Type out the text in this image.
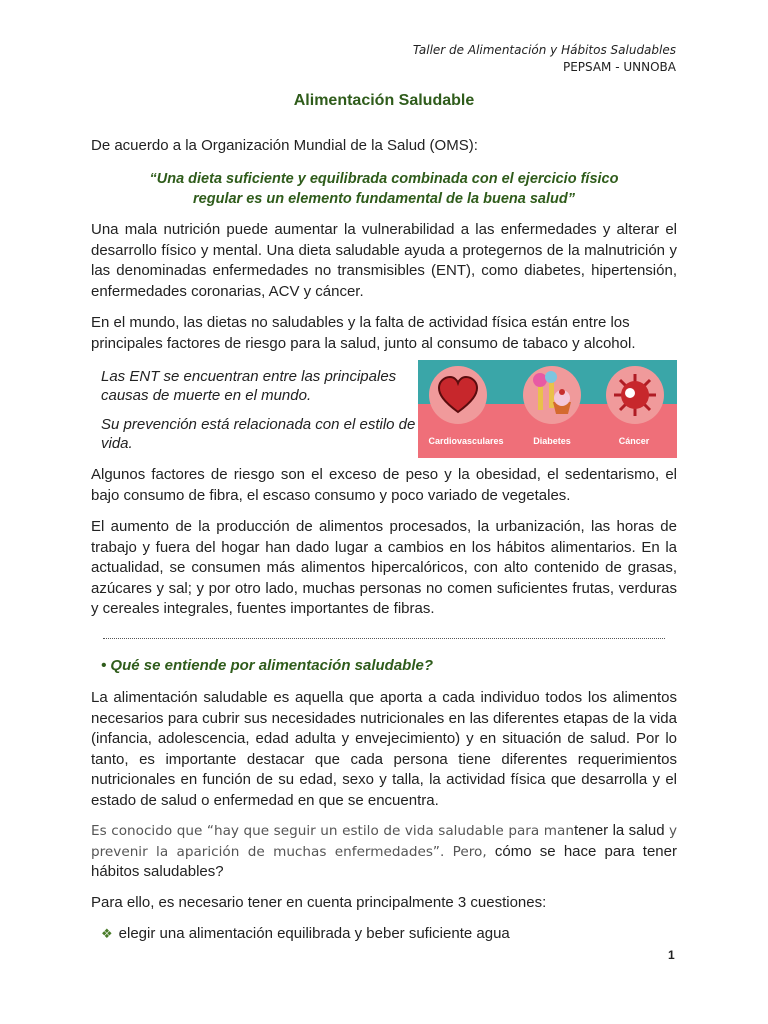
Taller de Alimentación y Hábitos Saludables
PEPSAM - UNNOBA
Alimentación Saludable
De acuerdo a la Organización Mundial de la Salud (OMS):
“Una dieta suficiente y equilibrada combinada con el ejercicio físico
regular es un elemento fundamental de la buena salud”
Una mala nutrición puede aumentar la vulnerabilidad a las enfermedades y alterar el desarrollo físico y mental. Una dieta saludable ayuda a protegernos de la malnutrición y las denominadas enfermedades no transmisibles (ENT), como diabetes, hipertensión, enfermedades coronarias, ACV y cáncer.
En el mundo, las dietas no saludables y la falta de actividad física están entre los principales factores de riesgo para la salud, junto al consumo de tabaco y alcohol.

Las ENT se encuentran entre las principales causas de muerte en el mundo.

Su prevención está relacionada con el estilo de vida.	Cardiovasculares	Diabetes	Cáncer
Algunos factores de riesgo son el exceso de peso y la obesidad, el sedentarismo, el bajo consumo de fibra, el escaso consumo y poco variado de vegetales.
El aumento de la producción de alimentos procesados, la urbanización, las horas de trabajo y fuera del hogar han dado lugar a cambios en los hábitos alimentarios. En la actualidad, se consumen más alimentos hipercalóricos, con alto contenido de grasas, azúcares y sal; y por otro lado, muchas personas no comen suficientes frutas, verduras y cereales integrales, fuentes importantes de fibras.
• Qué se entiende por alimentación saludable?
La alimentación saludable es aquella que aporta a cada individuo todos los alimentos necesarios para cubrir sus necesidades nutricionales en las diferentes etapas de la vida (infancia, adolescencia, edad adulta y envejecimiento) y en situación de salud. Por lo tanto, es importante destacar que cada persona tiene diferentes requerimientos nutricionales en función de su edad, sexo y talla, la actividad física que desarrolla y el estado de salud o enfermedad en que se encuentra.
Es conocido que “hay que seguir un estilo de vida saludable para mantener la salud y prevenir la aparición de muchas enfermedades”. Pero, cómo se hace para tener hábitos saludables?
Para ello, es necesario tener en cuenta principalmente 3 cuestiones:
❖ elegir una alimentación equilibrada y beber suficiente agua
1
